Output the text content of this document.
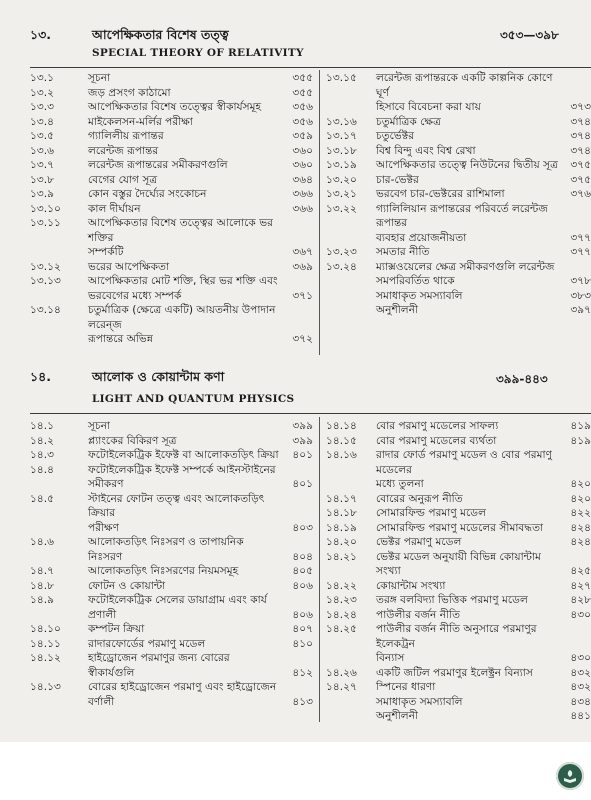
১৩.	আপেক্ষিকতার বিশেষ তত্ত্ব	৩৫৩—৩৯৮
SPECIAL THEORY OF RELATIVITY
১৩.১	সূচনা	৩৫৫
১৩.২	জড় প্রসংগ কাঠামো	৩৫৫
১৩.৩	আপেক্ষিকতার বিশেষ তত্ত্বের স্বীকার্যসমূহ	৩৫৬
১৩.৪	মাইকেলসন-মর্লির পরীক্ষা	৩৫৬
১৩.৫	গ্যালিলীয় রূপান্তর	৩৫৯
১৩.৬	লরেন্টজ রূপান্তর	৩৬০
১৩.৭	লরেন্টজ রূপান্তরের সমীকরণগুলি	৩৬০
১৩.৮	বেগের যোগ সূত্র	৩৬৪
১৩.৯	কোন বস্তুর দৈর্ঘ্যের সংকোচন	৩৬৬
১৩.১০	কাল দীর্ঘায়ন	৩৬৬
১৩.১১	আপেক্ষিকতার বিশেষ তত্ত্বের আলোকে ভর শক্তির
সম্পর্কটি	৩৬৭
১৩.১২	ভরের আপেক্ষিকতা	৩৬৯
১৩.১৩	আপেক্ষিকতার মোট শক্তি, স্থির ভর শক্তি এবং
ভরবেগের মধ্যে সম্পর্ক	৩৭১
১৩.১৪	চতুর্মাত্রিক (ক্ষেত্রে একটি) আয়তনীয় উপাদান লরেন্জ
রূপান্তরে অভিন্ন	৩৭২
১৩.১৫ লরেন্টজ রূপান্তরকে একটি কাল্পনিক কোণে ঘূর্ণ
হিসাবে বিবেচনা করা যায়	৩৭৩
১৩.১৬ চতুর্মাত্রিক ক্ষেত্র	৩৭৪
১৩.১৭ চতুর্ভেক্টর	৩৭৪
১৩.১৮ বিশ্ব বিন্দু এবং বিশ্ব রেখা	৩৭৪
১৩.১৯ আপেক্ষিকতার তত্ত্বে নিউটনের দ্বিতীয় সূত্র ৩৭৫
১৩.২০ চার-ভেক্টর	৩৭৫
১৩.২১ ভরবেগ চার-ভেক্টরের রাশিমালা	৩৭৬
১৩.২২ গ্যালিলিয়ান রূপান্তরের পরিবর্তে লরেন্টজ রূপান্তর
ব্যবহার প্রয়োজনীয়তা	৩৭৭
১৩.২৩ সমতার নীতি	৩৭৭
১৩.২৪ ম্যাক্সওয়েলের ক্ষেত্র সমীকরণগুলি লরেন্টজ
সমপরিবর্তিত থাকে	৩৭৮
সমাধাকৃত সমস্যাবলি	৩৮৩
অনুশীলনী	৩৯৭
১৪.	আলোক ও কোয়ান্টাম কণা	৩৯৯-৪৪৩
LIGHT AND QUANTUM PHYSICS
১৪.১	সূচনা	৩৯৯
১৪.২	প্ল্যাংকের বিকিরণ সূত্র	৩৯৯
১৪.৩	ফটোইলেকট্রিক ইফেক্ট বা আলোকতড়িৎ ক্রিয়া ৪০১
১৪.৪	ফটোইলেকট্রিক ইফেক্ট সম্পর্কে আইনস্টাইনের
সমীকরণ	৪০১
১৪.৫	স্টাইনের ফোটন তত্ত্ব এবং আলোকতড়িৎ ক্রিয়ার
পরীক্ষণ	৪০৩
১৪.৬	আলোকতড়িৎ নিঃসরণ ও তাপায়নিক নিঃসরণ	৪০৪
১৪.৭	আলোকতড়িৎ নিঃসরণের নিয়মসমূহ	৪০৫
১৪.৮	ফোটন ও কোয়ান্টা	৪০৬
১৪.৯	ফটোইলেকট্রিক সেলের ডায়াগ্রাম এবং কার্য
প্রণালী	৪০৬
১৪.১০	কম্পটন ক্রিয়া	৪০৭
১৪.১১	রাদারফোর্ডের পরমাণু মডেল	৪১০
১৪.১২	হাইড্রোজেন পরমাণুর জন্য বোরের স্বীকার্যগুলি	৪১২
১৪.১৩	বোরের হাইড্রোজেন পরমাণু এবং হাইড্রোজেন
বর্ণালী	৪১৩
১৪.১৪ বোর পরমাণু মডেলের সাফল্য	৪১৯
১৪.১৫ বোর পরমাণু মডেলের ব্যর্থতা	৪১৯
১৪.১৬ রাদার ফোর্ড পরমাণু মডেল ও বোর পরমাণু মডেলের
মধ্যে তুলনা	৪২০
১৪.১৭ বোরের অনুরূপ নীতি	৪২০
১৪.১৮ সোমারফিল্ড পরমাণু মডেল	৪২২
১৪.১৯ সোমারফিল্ড পরমাণু মডেলের সীমাবদ্ধতা	৪২৪
১৪.২০ ভেক্টর পরমাণু মডেল	৪২৪
১৪.২১ ভেক্টর মডেল অনুযায়ী বিভিন্ন কোয়ান্টাম সংখ্যা	৪২৫
১৪.২২ কোয়ান্টাম সংখ্যা	৪২৭
১৪.২৩ তরঙ্গ বলবিদ্যা ভিত্তিক পরমাণু মডেল	৪২৮
১৪.২৪ পাউলীর বর্জন নীতি	৪৩০
১৪.২৫ পাউলীর বর্জন নীতি অনুসারে পরমাণুর ইলেকট্রন
বিন্যাস	৪৩০
১৪.২৬ একটি জটিল পরমাণুর ইলেক্ট্রন বিন্যাস	৪৩২
১৪.২৭ স্পিনের ধারণা	৪৩২
সমাধাকৃত সমস্যাবলি	৪৩৪
অনুশীলনী	৪৪১
